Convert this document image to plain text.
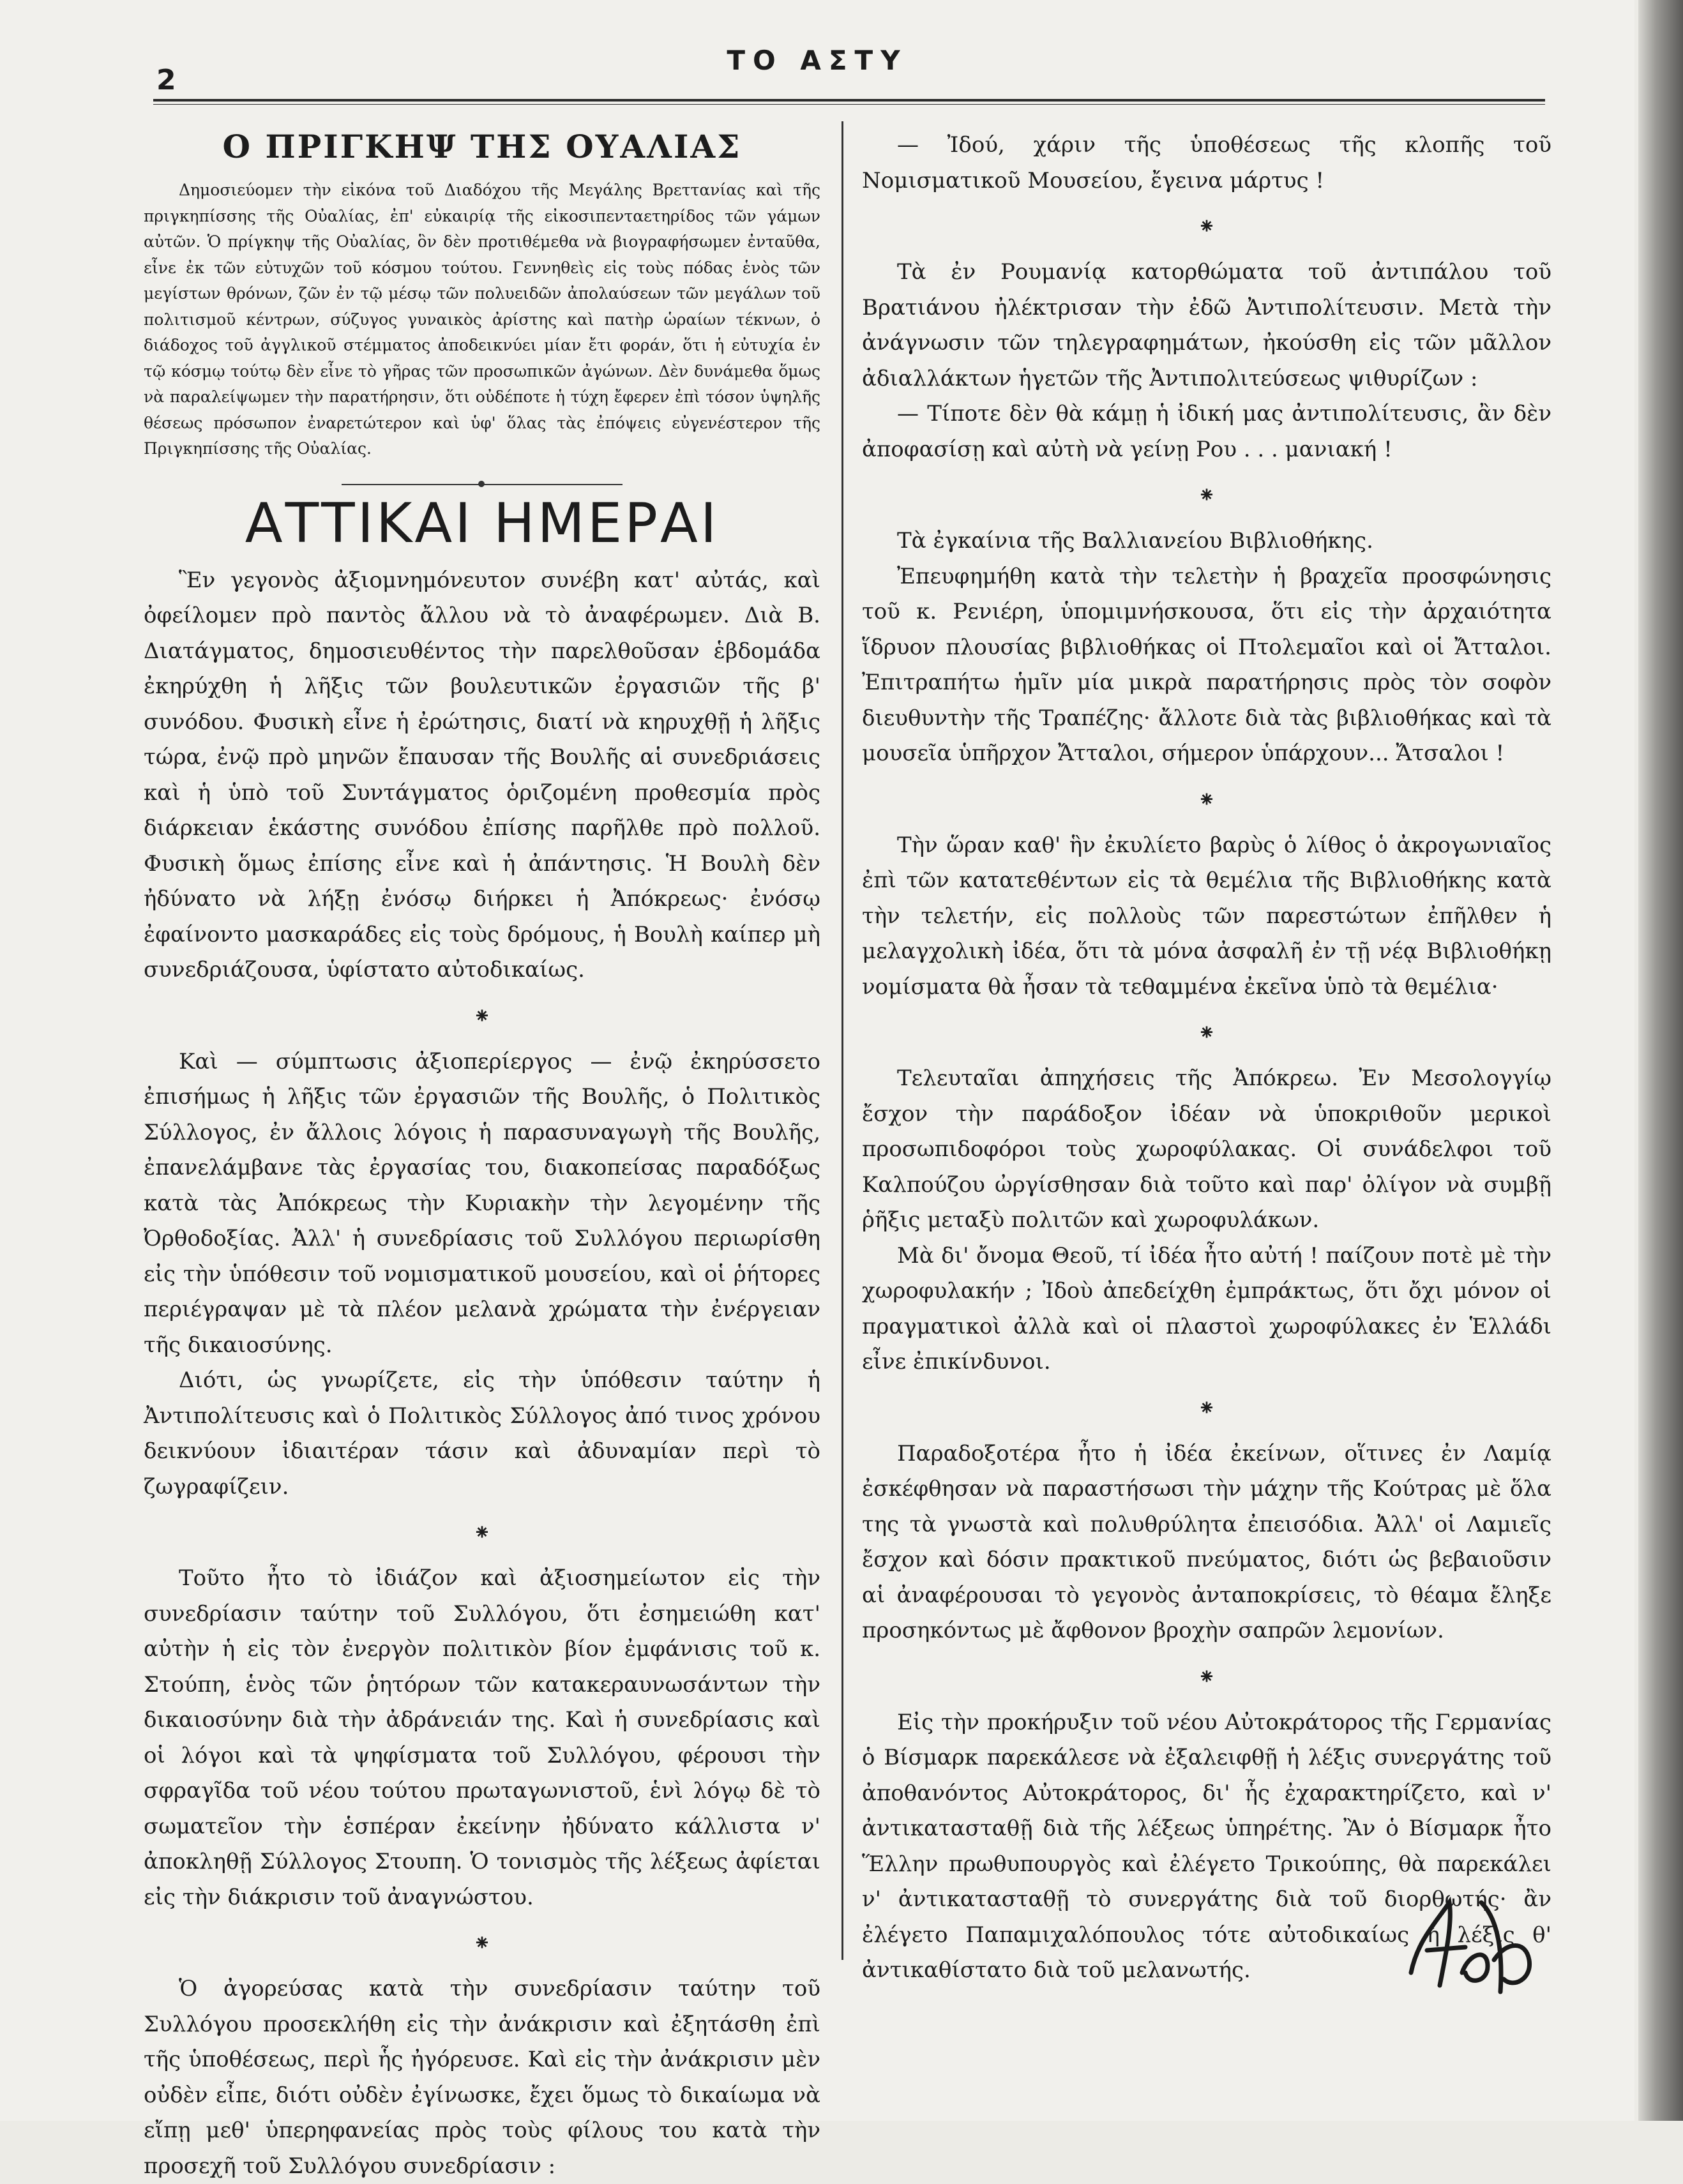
2
ΤΟ ΑΣΤΥ
Ο ΠΡΙΓΚΗΨ ΤΗΣ ΟΥΑΛΙΑΣ

Δημοσιεύομεν τὴν εἰκόνα τοῦ Διαδόχου τῆς Μεγάλης Βρεττανίας καὶ τῆς πριγκηπίσσης τῆς Οὐαλίας, ἐπ' εὐκαιρίᾳ τῆς εἰκοσιπενταετηρίδος τῶν γάμων αὐτῶν. Ὁ πρίγκηψ τῆς Οὐαλίας, ὃν δὲν προτιθέμεθα νὰ βιογραφήσωμεν ἐνταῦθα, εἶνε ἐκ τῶν εὐτυχῶν τοῦ κόσμου τούτου. Γεννηθεὶς εἰς τοὺς πόδας ἑνὸς τῶν μεγίστων θρόνων, ζῶν ἐν τῷ μέσῳ τῶν πολυειδῶν ἀπολαύσεων τῶν μεγάλων τοῦ πολιτισμοῦ κέντρων, σύζυγος γυναικὸς ἀρίστης καὶ πατὴρ ὡραίων τέκνων, ὁ διάδοχος τοῦ ἀγγλικοῦ στέμματος ἀποδεικνύει μίαν ἔτι φοράν, ὅτι ἡ εὐτυχία ἐν τῷ κόσμῳ τούτῳ δὲν εἶνε τὸ γῆρας τῶν προσωπικῶν ἀγώνων. Δὲν δυνάμεθα ὅμως νὰ παραλείψωμεν τὴν παρατήρησιν, ὅτι οὐδέποτε ἡ τύχη ἔφερεν ἐπὶ τόσον ὑψηλῆς θέσεως πρόσωπον ἐναρετώτερον καὶ ὑφ' ὅλας τὰς ἐπόψεις εὐγενέστερον τῆς Πριγκηπίσσης τῆς Οὐαλίας.

ΑΤΤΙΚΑΙ ΗΜΕΡΑΙ

Ἓν γεγονὸς ἀξιομνημόνευτον συνέβη κατ' αὐτάς, καὶ ὀφείλομεν πρὸ παντὸς ἄλλου νὰ τὸ ἀναφέρωμεν. Διὰ Β. Διατάγματος, δημοσιευθέντος τὴν παρελθοῦσαν ἑβδομάδα ἐκηρύχθη ἡ λῆξις τῶν βουλευτικῶν ἐργασιῶν τῆς β' συνόδου. Φυσικὴ εἶνε ἡ ἐρώτησις, διατί νὰ κηρυχθῇ ἡ λῆξις τώρα, ἐνῷ πρὸ μηνῶν ἔπαυσαν τῆς Βουλῆς αἱ συνεδριάσεις καὶ ἡ ὑπὸ τοῦ Συντάγματος ὁριζομένη προθεσμία πρὸς διάρκειαν ἑκάστης συνόδου ἐπίσης παρῆλθε πρὸ πολλοῦ. Φυσικὴ ὅμως ἐπίσης εἶνε καὶ ἡ ἀπάντησις. Ἡ Βουλὴ δὲν ἠδύνατο νὰ λήξῃ ἐνόσῳ διήρκει ἡ Ἀπόκρεως· ἐνόσῳ ἐφαίνοντο μασκαράδες εἰς τοὺς δρόμους, ἡ Βουλὴ καίπερ μὴ συνεδριάζουσα, ὑφίστατο αὐτοδικαίως.

⁕

Καὶ — σύμπτωσις ἀξιοπερίεργος — ἐνῷ ἐκηρύσσετο ἐπισήμως ἡ λῆξις τῶν ἐργασιῶν τῆς Βουλῆς, ὁ Πολιτικὸς Σύλλογος, ἐν ἄλλοις λόγοις ἡ παρασυναγωγὴ τῆς Βουλῆς, ἐπανελάμβανε τὰς ἐργασίας του, διακοπείσας παραδόξως κατὰ τὰς Ἀπόκρεως τὴν Κυριακὴν τὴν λεγομένην τῆς Ὀρθοδοξίας. Ἀλλ' ἡ συνεδρίασις τοῦ Συλλόγου περιωρίσθη εἰς τὴν ὑπόθεσιν τοῦ νομισματικοῦ μουσείου, καὶ οἱ ῥήτορες περιέγραψαν μὲ τὰ πλέον μελανὰ χρώματα τὴν ἐνέργειαν τῆς δικαιοσύνης.

Διότι, ὡς γνωρίζετε, εἰς τὴν ὑπόθεσιν ταύτην ἡ Ἀντιπολίτευσις καὶ ὁ Πολιτικὸς Σύλλογος ἀπό τινος χρόνου δεικνύουν ἰδιαιτέραν τάσιν καὶ ἀδυναμίαν περὶ τὸ ζωγραφίζειν.

⁕

Τοῦτο ἦτο τὸ ἰδιάζον καὶ ἀξιοσημείωτον εἰς τὴν συνεδρίασιν ταύτην τοῦ Συλλόγου, ὅτι ἐσημειώθη κατ' αὐτὴν ἡ εἰς τὸν ἐνεργὸν πολιτικὸν βίον ἐμφάνισις τοῦ κ. Στούπη, ἑνὸς τῶν ῥητόρων τῶν κατακεραυνωσάντων τὴν δικαιοσύνην διὰ τὴν ἀδράνειάν της. Καὶ ἡ συνεδρίασις καὶ οἱ λόγοι καὶ τὰ ψηφίσματα τοῦ Συλλόγου, φέρουσι τὴν σφραγῖδα τοῦ νέου τούτου πρωταγωνιστοῦ, ἑνὶ λόγῳ δὲ τὸ σωματεῖον τὴν ἑσπέραν ἐκείνην ἠδύνατο κάλλιστα ν' ἀποκληθῇ Σύλλογος Στουπη. Ὁ τονισμὸς τῆς λέξεως ἀφίεται εἰς τὴν διάκρισιν τοῦ ἀναγνώστου.

⁕

Ὁ ἀγορεύσας κατὰ τὴν συνεδρίασιν ταύτην τοῦ Συλλόγου προσεκλήθη εἰς τὴν ἀνάκρισιν καὶ ἐξητάσθη ἐπὶ τῆς ὑποθέσεως, περὶ ἧς ἠγόρευσε. Καὶ εἰς τὴν ἀνάκρισιν μὲν οὐδὲν εἶπε, διότι οὐδὲν ἐγίνωσκε, ἔχει ὅμως τὸ δικαίωμα νὰ εἴπῃ μεθ' ὑπερηφανείας πρὸς τοὺς φίλους του κατὰ τὴν προσεχῆ τοῦ Συλλόγου συνεδρίασιν :

— Ἰδού, χάριν τῆς ὑποθέσεως τῆς κλοπῆς τοῦ Νομισματικοῦ Μουσείου, ἔγεινα μάρτυς !

⁕

Τὰ ἐν Ρουμανίᾳ κατορθώματα τοῦ ἀντιπάλου τοῦ Βρατιάνου ἠλέκτρισαν τὴν ἐδῶ Ἀντιπολίτευσιν. Μετὰ τὴν ἀνάγνωσιν τῶν τηλεγραφημάτων, ἠκούσθη εἰς τῶν μᾶλλον ἀδιαλλάκτων ἡγετῶν τῆς Ἀντιπολιτεύσεως ψιθυρίζων :

— Τίποτε δὲν θὰ κάμῃ ἡ ἰδική μας ἀντιπολίτευσις, ἂν δὲν ἀποφασίσῃ καὶ αὐτὴ νὰ γείνῃ Ρου . . . μανιακή !

⁕

Τὰ ἐγκαίνια τῆς Βαλλιανείου Βιβλιοθήκης.

Ἐπευφημήθη κατὰ τὴν τελετὴν ἡ βραχεῖα προσφώνησις τοῦ κ. Ρενιέρη, ὑπομιμνήσκουσα, ὅτι εἰς τὴν ἀρχαιότητα ἵδρυον πλουσίας βιβλιοθήκας οἱ Πτολεμαῖοι καὶ οἱ Ἄτταλοι. Ἐπιτραπήτω ἡμῖν μία μικρὰ παρατήρησις πρὸς τὸν σοφὸν διευθυντὴν τῆς Τραπέζης· ἄλλοτε διὰ τὰς βιβλιοθήκας καὶ τὰ μουσεῖα ὑπῆρχον Ἄτταλοι, σήμερον ὑπάρχουν... Ἄτσαλοι !

⁕

Τὴν ὥραν καθ' ἣν ἐκυλίετο βαρὺς ὁ λίθος ὁ ἀκρογωνιαῖος ἐπὶ τῶν κατατεθέντων εἰς τὰ θεμέλια τῆς Βιβλιοθήκης κατὰ τὴν τελετήν, εἰς πολλοὺς τῶν παρεστώτων ἐπῆλθεν ἡ μελαγχολικὴ ἰδέα, ὅτι τὰ μόνα ἀσφαλῆ ἐν τῇ νέᾳ Βιβλιοθήκῃ νομίσματα θὰ ἦσαν τὰ τεθαμμένα ἐκεῖνα ὑπὸ τὰ θεμέλια·

⁕

Τελευταῖαι ἀπηχήσεις τῆς Ἀπόκρεω. Ἐν Μεσολογγίῳ ἔσχον τὴν παράδοξον ἰδέαν νὰ ὑποκριθοῦν μερικοὶ προσωπιδοφόροι τοὺς χωροφύλακας. Οἱ συνάδελφοι τοῦ Καλπούζου ὠργίσθησαν διὰ τοῦτο καὶ παρ' ὀλίγον νὰ συμβῇ ῥῆξις μεταξὺ πολιτῶν καὶ χωροφυλάκων.

Μὰ δι' ὄνομα Θεοῦ, τί ἰδέα ἦτο αὐτή ! παίζουν ποτὲ μὲ τὴν χωροφυλακήν ; Ἰδοὺ ἀπεδείχθη ἐμπράκτως, ὅτι ὄχι μόνον οἱ πραγματικοὶ ἀλλὰ καὶ οἱ πλαστοὶ χωροφύλακες ἐν Ἑλλάδι εἶνε ἐπικίνδυνοι.

⁕

Παραδοξοτέρα ἦτο ἡ ἰδέα ἐκείνων, οἵτινες ἐν Λαμίᾳ ἐσκέφθησαν νὰ παραστήσωσι τὴν μάχην τῆς Κούτρας μὲ ὅλα της τὰ γνωστὰ καὶ πολυθρύλητα ἐπεισόδια. Ἀλλ' οἱ Λαμιεῖς ἔσχον καὶ δόσιν πρακτικοῦ πνεύματος, διότι ὡς βεβαιοῦσιν αἱ ἀναφέρουσαι τὸ γεγονὸς ἀνταποκρίσεις, τὸ θέαμα ἔληξε προσηκόντως μὲ ἄφθονον βροχὴν σαπρῶν λεμονίων.

⁕

Εἰς τὴν προκήρυξιν τοῦ νέου Αὐτοκράτορος τῆς Γερμανίας ὁ Βίσμαρκ παρεκάλεσε νὰ ἐξαλειφθῇ ἡ λέξις συνεργάτης τοῦ ἀποθανόντος Αὐτοκράτορος, δι' ἧς ἐχαρακτηρίζετο, καὶ ν' ἀντικατασταθῇ διὰ τῆς λέξεως ὑπηρέτης. Ἂν ὁ Βίσμαρκ ἦτο Ἕλλην πρωθυπουργὸς καὶ ἐλέγετο Τρικούπης, θὰ παρεκάλει ν' ἀντικατασταθῇ τὸ συνεργάτης διὰ τοῦ διορθωτής· ἂν ἐλέγετο Παπαμιχαλόπουλος τότε αὐτοδικαίως ἡ λέξις θ' ἀντικαθίστατο διὰ τοῦ μελανωτής.
